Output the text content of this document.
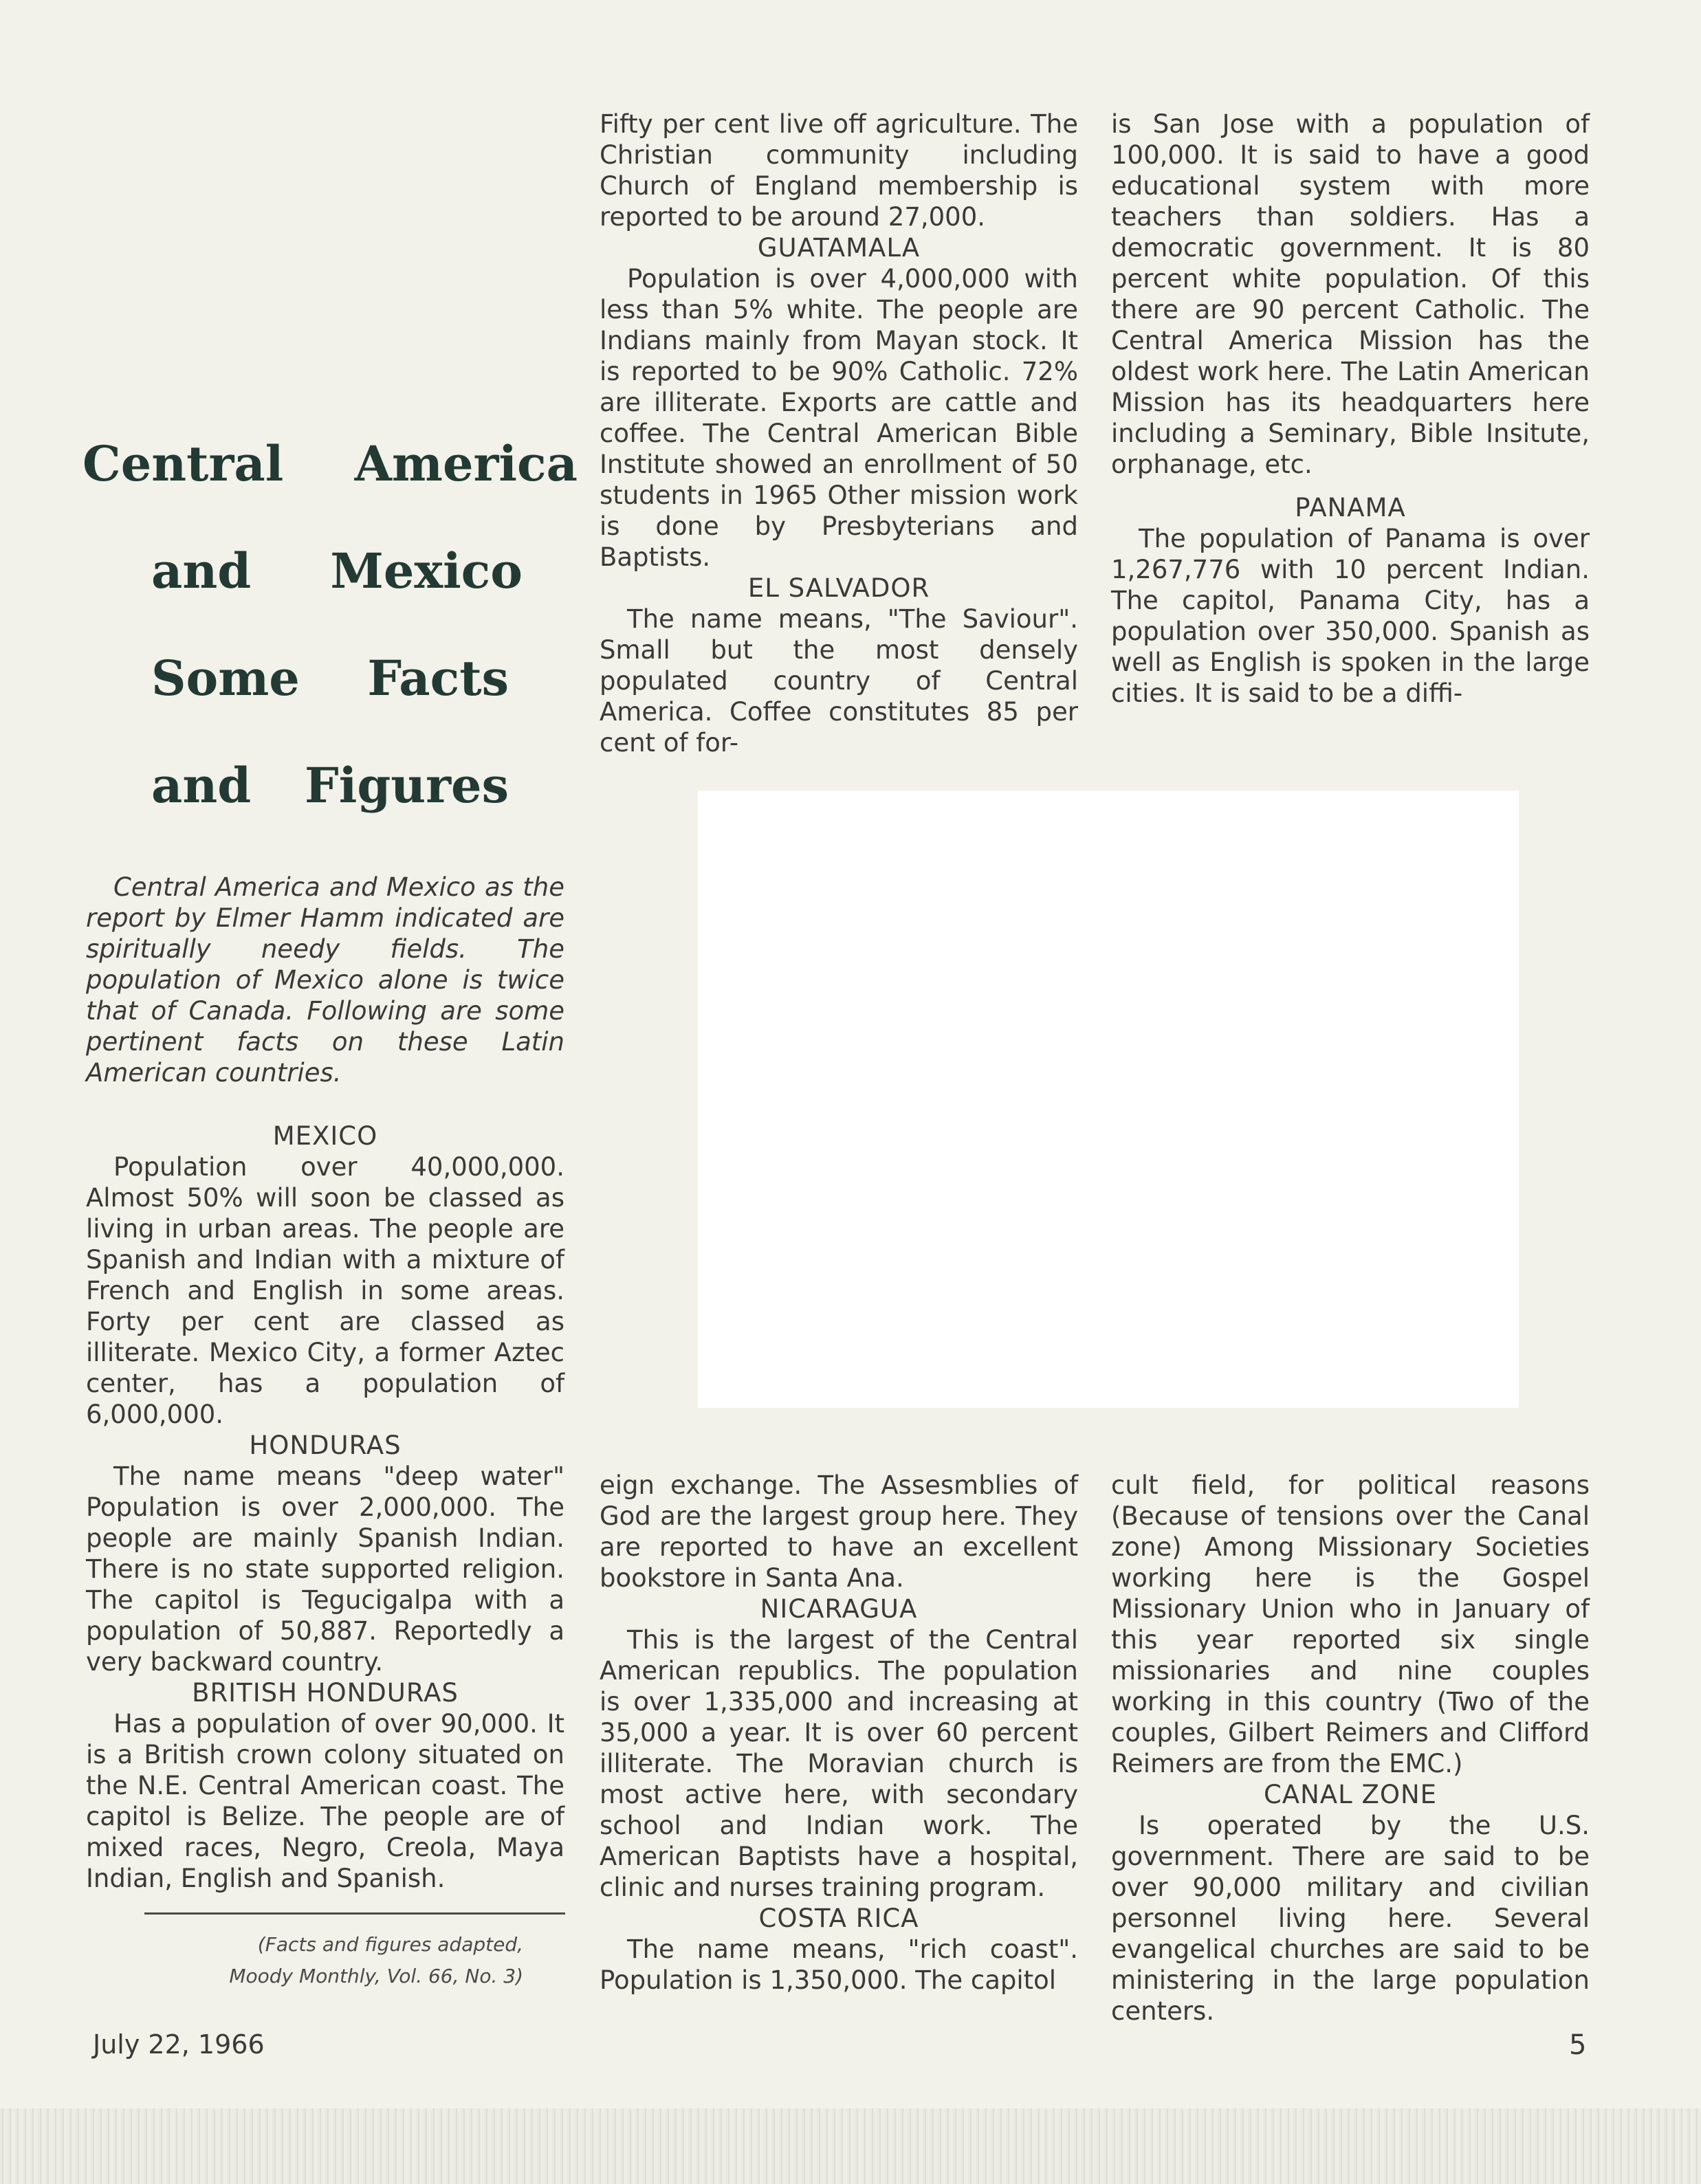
Central America
and Mexico
Some Facts
and Figures

Central America and Mexico as the report by Elmer Hamm indicated are spiritually needy fields. The population of Mexico alone is twice that of Canada. Following are some pertinent facts on these Latin American countries.

MEXICO

Population over 40,000,000. Almost 50% will soon be classed as living in urban areas. The people are Spanish and Indian with a mixture of French and English in some areas. Forty per cent are classed as illiterate. Mexico City, a former Aztec center, has a population of 6,000,000.

HONDURAS

The name means "deep water" Population is over 2,000,000. The people are mainly Spanish Indian. There is no state supported religion. The capitol is Tegucigalpa with a population of 50,887. Reportedly a very backward country.

BRITISH HONDURAS

Has a population of over 90,000. It is a British crown colony situated on the N.E. Central American coast. The capitol is Belize. The people are of mixed races, Negro, Creola, Maya Indian, English and Spanish.

(Facts and figures adapted,
Moody Monthly, Vol. 66, No. 3)

Fifty per cent live off agriculture. The Christian community including Church of England membership is reported to be around 27,000.

GUATAMALA

Population is over 4,000,000 with less than 5% white. The people are Indians mainly from Mayan stock. It is reported to be 90% Catholic. 72% are illiterate. Exports are cattle and coffee. The Central American Bible Institute showed an enrollment of 50 students in 1965 Other mission work is done by Presbyterians and Baptists.

EL SALVADOR

The name means, "The Saviour". Small but the most densely populated country of Central America. Coffee constitutes 85 per cent of for-

is San Jose with a population of 100,000. It is said to have a good educational system with more teachers than soldiers. Has a democratic government. It is 80 percent white population. Of this there are 90 percent Catholic. The Central America Mission has the oldest work here. The Latin American Mission has its headquarters here including a Seminary, Bible Insitute, orphanage, etc.

PANAMA

The population of Panama is over 1,267,776 with 10 percent Indian. The capitol, Panama City, has a population over 350,000. Spanish as well as English is spoken in the large cities. It is said to be a diffi-

eign exchange. The Assesmblies of God are the largest group here. They are reported to have an excellent bookstore in Santa Ana.

NICARAGUA

This is the largest of the Central American republics. The population is over 1,335,000 and increasing at 35,000 a year. It is over 60 percent illiterate. The Moravian church is most active here, with secondary school and Indian work. The American Baptists have a hospital, clinic and nurses training program.

COSTA RICA

The name means, "rich coast". Population is 1,350,000. The capitol

cult field, for political reasons (Because of tensions over the Canal zone) Among Missionary Societies working here is the Gospel Missionary Union who in January of this year reported six single missionaries and nine couples working in this country (Two of the couples, Gilbert Reimers and Clifford Reimers are from the EMC.)

CANAL ZONE

Is operated by the U.S. government. There are said to be over 90,000 military and civilian personnel living here. Several evangelical churches are said to be ministering in the large population centers.

July 22, 1966	5
